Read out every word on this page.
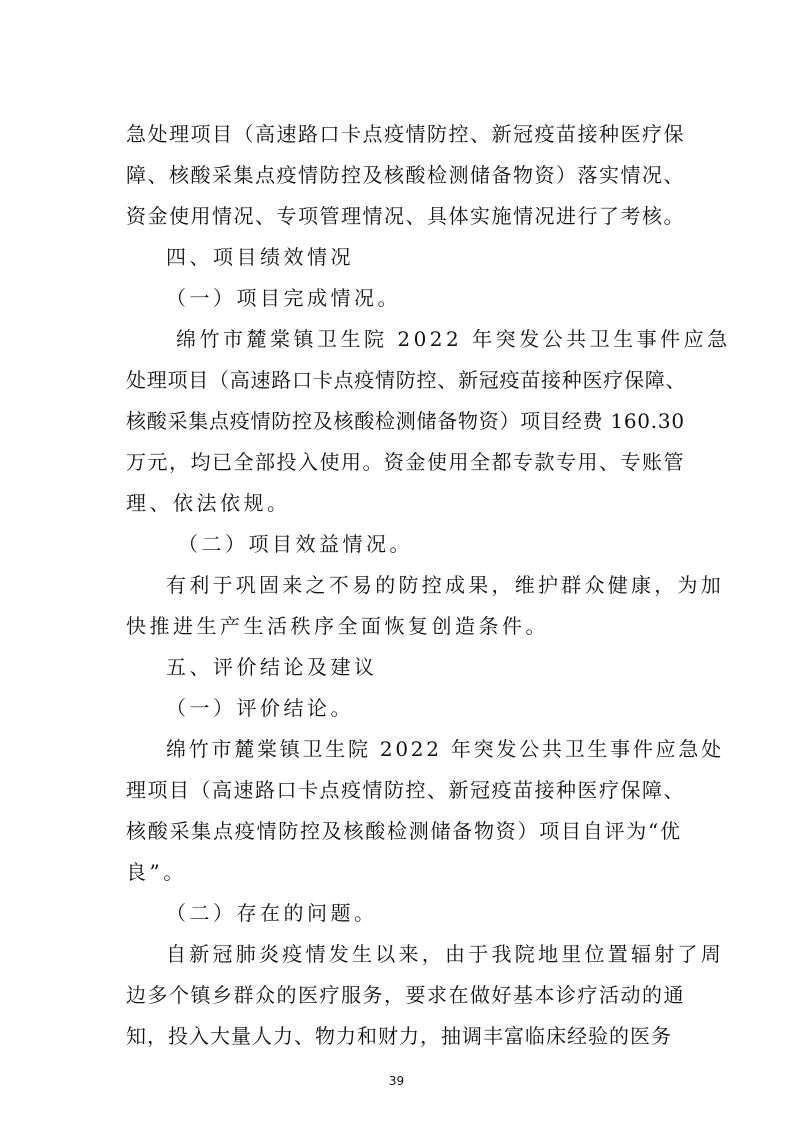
急处理项目（高速路口卡点疫情防控、新冠疫苗接种医疗保
障、核酸采集点疫情防控及核酸检测储备物资）落实情况、
资金使用情况、专项管理情况、具体实施情况进行了考核。
四、项目绩效情况
（一）项目完成情况。
绵竹市麓棠镇卫生院 2022 年突发公共卫生事件应急
处理项目（高速路口卡点疫情防控、新冠疫苗接种医疗保障、
核酸采集点疫情防控及核酸检测储备物资）项目经费 160.30
万元，均已全部投入使用。资金使用全都专款专用、专账管
理、依法依规。
（二）项目效益情况。
有利于巩固来之不易的防控成果，维护群众健康，为加
快推进生产生活秩序全面恢复创造条件。
五、评价结论及建议
（一）评价结论。
绵竹市麓棠镇卫生院 2022 年突发公共卫生事件应急处
理项目（高速路口卡点疫情防控、新冠疫苗接种医疗保障、
核酸采集点疫情防控及核酸检测储备物资）项目自评为“优
良”。
（二）存在的问题。
自新冠肺炎疫情发生以来，由于我院地里位置辐射了周
边多个镇乡群众的医疗服务，要求在做好基本诊疗活动的通
知，投入大量人力、物力和财力，抽调丰富临床经验的医务
39
